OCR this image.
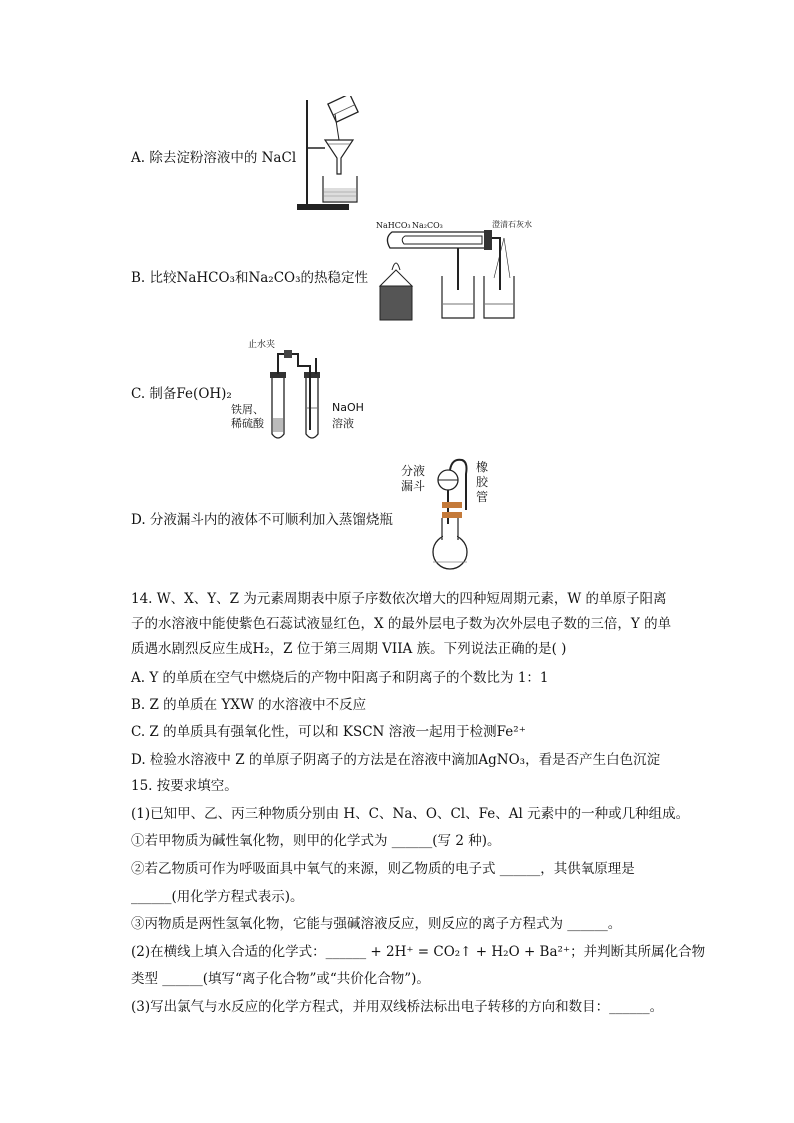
A. 除去淀粉溶液中的 NaCl
B. 比较NaHCO₃和Na₂CO₃的热稳定性
NaHCO₃ Na₂CO₃	澄清石灰水
C. 制备Fe(OH)₂
止水夹
铁屑、
稀硫酸
NaOH
溶液
D. 分液漏斗内的液体不可顺利加入蒸馏烧瓶
分液
漏斗
橡
胶
管
14. W、X、Y、Z 为元素周期表中原子序数依次增大的四种短周期元素，W 的单原子阳离
子的水溶液中能使紫色石蕊试液显红色，X 的最外层电子数为次外层电子数的三倍，Y 的单
质遇水剧烈反应生成H₂，Z 位于第三周期 VIIA 族。下列说法正确的是( )
A. Y 的单质在空气中燃烧后的产物中阳离子和阴离子的个数比为 1：1
B. Z 的单质在 YXW 的水溶液中不反应
C. Z 的单质具有强氧化性，可以和 KSCN 溶液一起用于检测Fe²⁺
D. 检验水溶液中 Z 的单原子阴离子的方法是在溶液中滴加AgNO₃，看是否产生白色沉淀
15. 按要求填空。
(1)已知甲、乙、丙三种物质分别由 H、C、Na、O、Cl、Fe、Al 元素中的一种或几种组成。
①若甲物质为碱性氧化物，则甲的化学式为 ______(写 2 种)。
②若乙物质可作为呼吸面具中氧气的来源，则乙物质的电子式 ______，其供氧原理是
______(用化学方程式表示)。
③丙物质是两性氢氧化物，它能与强碱溶液反应，则反应的离子方程式为 ______。
(2)在横线上填入合适的化学式：______ + 2H⁺ = CO₂↑ + H₂O + Ba²⁺；并判断其所属化合物
类型 ______(填写“离子化合物”或“共价化合物”)。
(3)写出氯气与水反应的化学方程式，并用双线桥法标出电子转移的方向和数目：______。
